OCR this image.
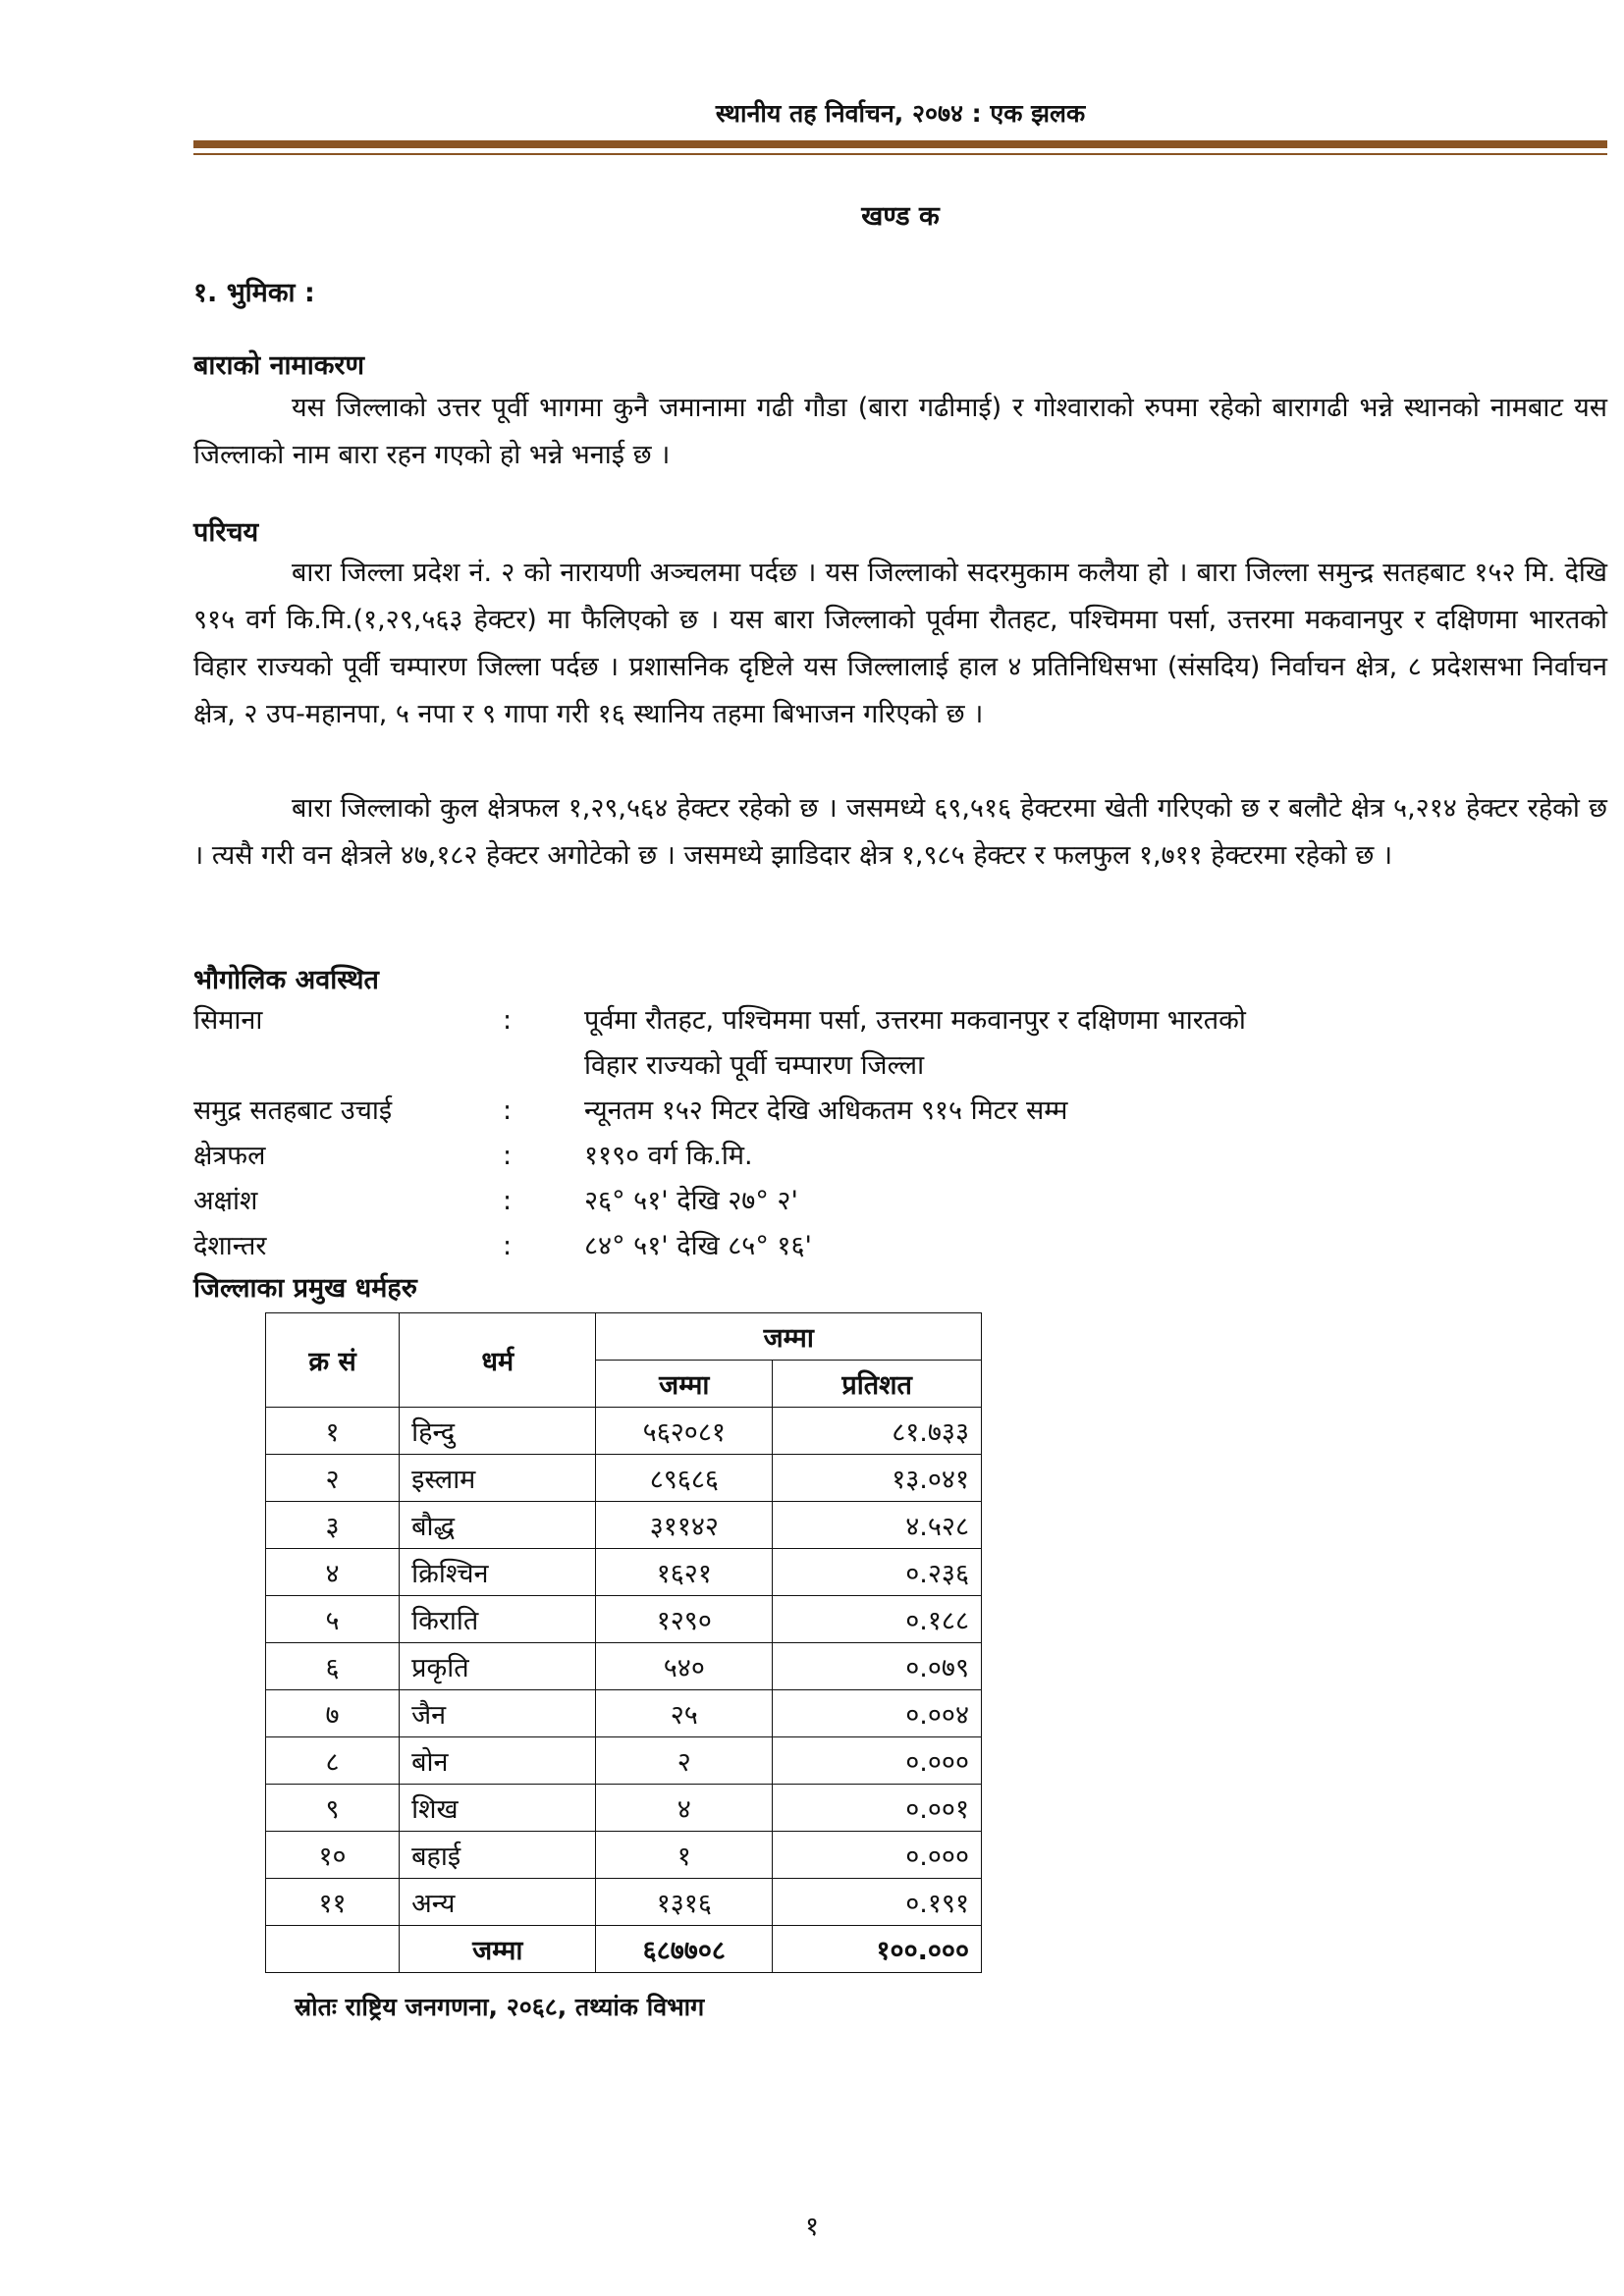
स्थानीय तह निर्वाचन, २०७४ : एक झलक
खण्ड क
१. भुमिका :
बाराको नामाकरण

यस जिल्लाको उत्तर पूर्वी भागमा कुनै जमानामा गढी गौडा (बारा गढीमाई) र गोश्वाराको रुपमा रहेको बारागढी भन्ने स्थानको नामबाट यस जिल्लाको नाम बारा रहन गएको हो भन्ने भनाई छ ।

परिचय

बारा जिल्ला प्रदेश नं. २ को नारायणी अञ्चलमा पर्दछ । यस जिल्लाको सदरमुकाम कलैया हो । बारा जिल्ला समुन्द्र सतहबाट १५२ मि. देखि ९१५ वर्ग कि.मि.(१,२९,५६३ हेक्टर) मा फैलिएको छ । यस बारा जिल्लाको पूर्वमा रौतहट, पश्चिममा पर्सा, उत्तरमा मकवानपुर र दक्षिणमा भारतको विहार राज्यको पूर्वी चम्पारण जिल्ला पर्दछ । प्रशासनिक दृष्टिले यस जिल्लालाई हाल ४ प्रतिनिधिसभा (संसदिय) निर्वाचन क्षेत्र, ८ प्रदेशसभा निर्वाचन क्षेत्र, २ उप-महानपा, ५ नपा र ९ गापा गरी १६ स्थानिय तहमा बिभाजन गरिएको छ ।

बारा जिल्लाको कुल क्षेत्रफल १,२९,५६४ हेक्टर रहेको छ । जसमध्ये ६९,५१६ हेक्टरमा खेती गरिएको छ र बलौटे क्षेत्र ५,२१४ हेक्टर रहेको छ । त्यसै गरी वन क्षेत्रले ४७,१८२ हेक्टर अगोटेको छ । जसमध्ये झाडिदार क्षेत्र १,९८५ हेक्टर र फलफुल १,७११ हेक्टरमा रहेको छ ।

भौगोलिक अवस्थित
सिमाना	:	पूर्वमा रौतहट, पश्चिममा पर्सा, उत्तरमा मकवानपुर र दक्षिणमा भारतको
विहार राज्यको पूर्वी चम्पारण जिल्ला
समुद्र सतहबाट उचाई	:	न्यूनतम १५२ मिटर देखि अधिकतम ९१५ मिटर सम्म
क्षेत्रफल	:	११९० वर्ग कि.मि.
अक्षांश	:	२६° ५१' देखि २७° २'
देशान्तर	:	८४° ५१' देखि ८५° १६'
जिल्लाका प्रमुख धर्महरु
क्र सं	धर्म	जम्मा	
		जम्मा	प्रतिशत
१	हिन्दु	५६२०८१	८१.७३३
२	इस्लाम	८९६८६	१३.०४१
३	बौद्ध	३११४२	४.५२८
४	क्रिश्चिन	१६२१	०.२३६
५	किराति	१२९०	०.१८८
६	प्रकृति	५४०	०.०७९
७	जैन	२५	०.००४
८	बोन	२	०.०००
९	शिख	४	०.००१
१०	बहाई	१	०.०००
११	अन्य	१३१६	०.१९१
	जम्मा	६८७७०८	१००.०००
स्रोतः राष्ट्रिय जनगणना, २०६८, तथ्यांक विभाग
१
